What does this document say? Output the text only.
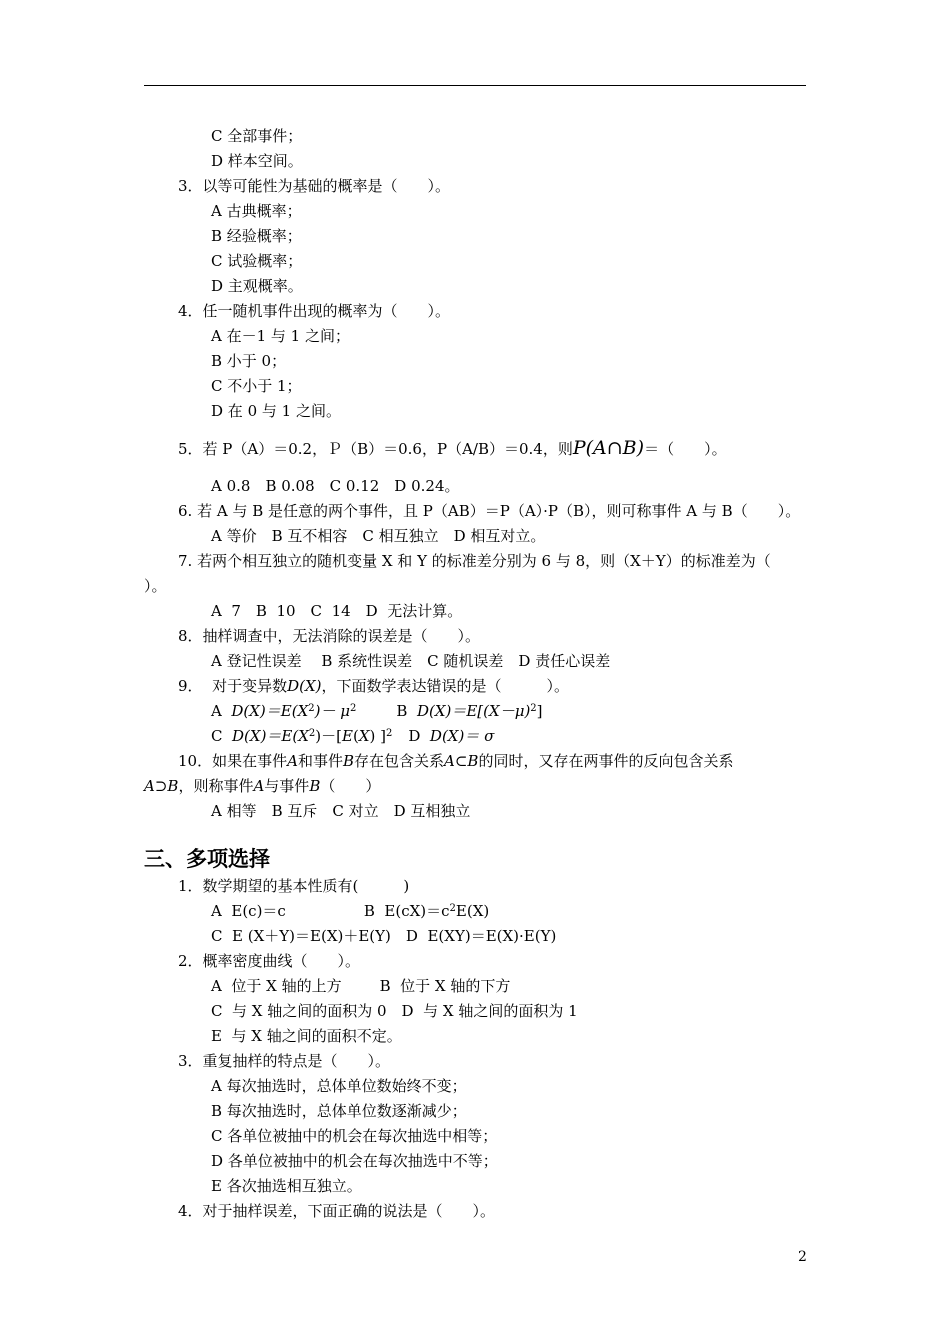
C 全部事件；
D 样本空间。
3．以等可能性为基础的概率是（　　）。
A 古典概率；
B 经验概率；
C 试验概率；
D 主观概率。
4．任一随机事件出现的概率为（　　）。
A 在－1 与 1 之间；
B 小于 0；
C 不小于 1；
D 在 0 与 1 之间。
5．若 P（A）＝0.2，Ｐ（B）＝0.6，P（A/B）＝0.4，则P(A∩B)＝（　　）。
A 0.8　B 0.08　C 0.12　D 0.24。
6. 若 A 与 B 是任意的两个事件，且 P（AB）＝P（A）·P（B），则可称事件 A 与 B（　　）。
A 等价　B 互不相容　C 相互独立　D 相互对立。
7. 若两个相互独立的随机变量 X 和 Y 的标准差分别为 6 与 8，则（X＋Y）的标准差为（
）。
A  7　B  10　C  14　D  无法计算。
8．抽样调查中，无法消除的误差是（　　）。
A 登记性误差　 B 系统性误差　C 随机误差　D 责任心误差
9．  对于变异数D(X)，下面数学表达错误的是（　　　）。
A  $D(X)=E(X^2)- \mu^2$	B  $D(X)=E[(X-\mu)^2]$
C  $D(X)=E(X^2)-[E(X)$ ]$^2$ D  D(X)＝ σ
10．如果在事件A和事件B存在包含关系A⊂B的同时，又存在两事件的反向包含关系
A⊃B，则称事件A与事件B（　　）
A 相等　B 互斥　C 对立　D 互相独立
三、多项选择
1．数学期望的基本性质有(　　　)
A  E(c)＝c	B  $E(cX)=c^2E(X)$
C  E (X＋Y)＝E(X)＋E(Y)　D  E(XY)＝E(X)·E(Y)
2．概率密度曲线（　　）。
A  位于 X 轴的上方	B  位于 X 轴的下方
C  与 X 轴之间的面积为 0　D  与 X 轴之间的面积为 1
E  与 X 轴之间的面积不定。
3．重复抽样的特点是（　　）。
A 每次抽选时，总体单位数始终不变；
B 每次抽选时，总体单位数逐渐减少；
C 各单位被抽中的机会在每次抽选中相等；
D 各单位被抽中的机会在每次抽选中不等；
E 各次抽选相互独立。
4．对于抽样误差，下面正确的说法是（　　）。
2
